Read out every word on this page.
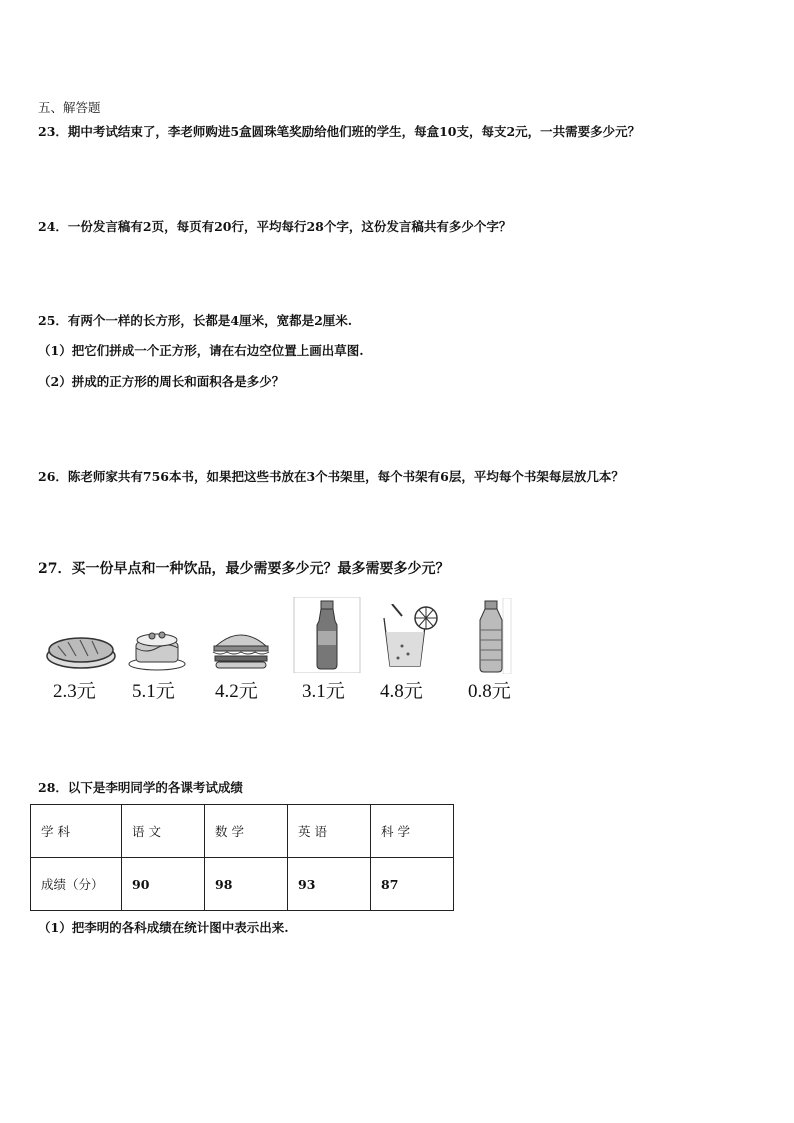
五、解答题
23．期中考试结束了，李老师购进5盒圆珠笔奖励给他们班的学生，每盒10支，每支2元，一共需要多少元？
24．一份发言稿有2页，每页有20行，平均每行28个字，这份发言稿共有多少个字？
25．有两个一样的长方形，长都是4厘米，宽都是2厘米.
（1）把它们拼成一个正方形，请在右边空位置上画出草图.
（2）拼成的正方形的周长和面积各是多少？
26．陈老师家共有756本书，如果把这些书放在3个书架里，每个书架有6层，平均每个书架每层放几本？
27．买一份早点和一种饮品，最少需要多少元？最多需要多少元？
2.3元 5.1元 4.2元 3.1元 4.8元 0.8元
28．以下是李明同学的各课考试成绩
学 科	语 文	数 学	英 语	科 学
成绩（分）	90	98	93	87
（1）把李明的各科成绩在统计图中表示出来.
